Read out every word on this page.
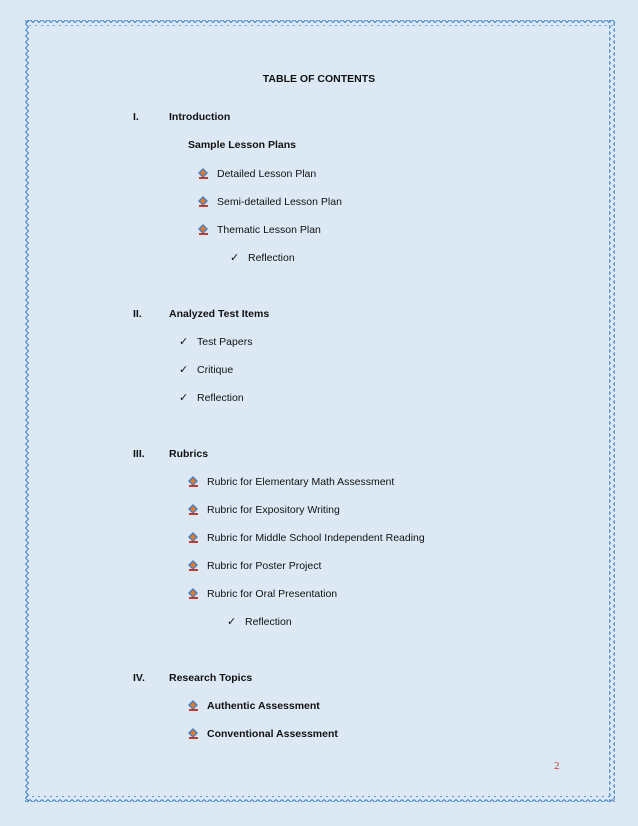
TABLE OF CONTENTS
I.	Introduction
Sample Lesson Plans
Detailed Lesson Plan
Semi-detailed Lesson Plan
Thematic Lesson Plan
✓ Reflection
II.	Analyzed Test Items
✓ Test Papers
✓ Critique
✓ Reflection
III. Rubrics
Rubric for Elementary Math Assessment
Rubric for Expository Writing
Rubric for Middle School Independent Reading
Rubric for Poster Project
Rubric for Oral Presentation
✓ Reflection
IV. Research Topics
Authentic Assessment
Conventional Assessment
2
